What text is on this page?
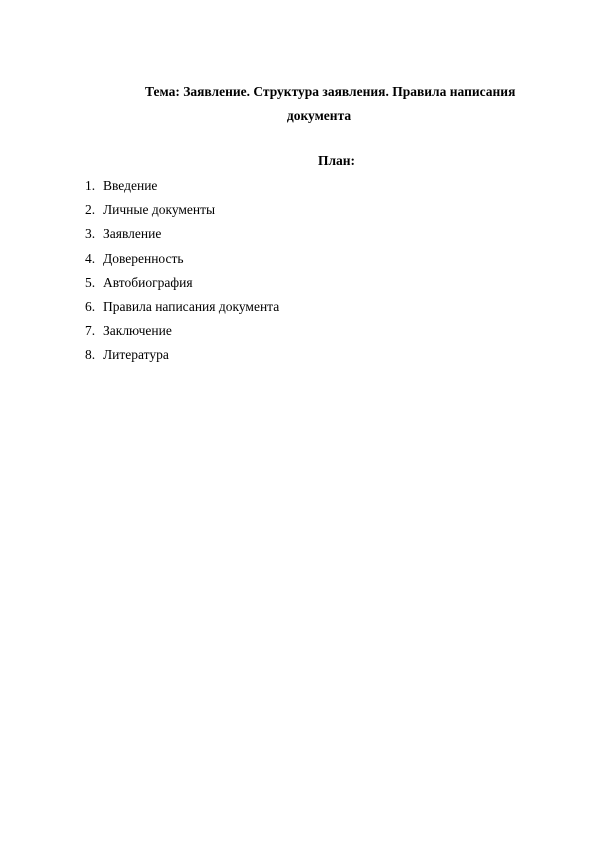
Тема: Заявление. Структура заявления. Правила написания
документа
План:
1. Введение
2. Личные документы
3. Заявление
4. Доверенность
5. Автобиография
6. Правила написания документа
7. Заключение
8. Литература
